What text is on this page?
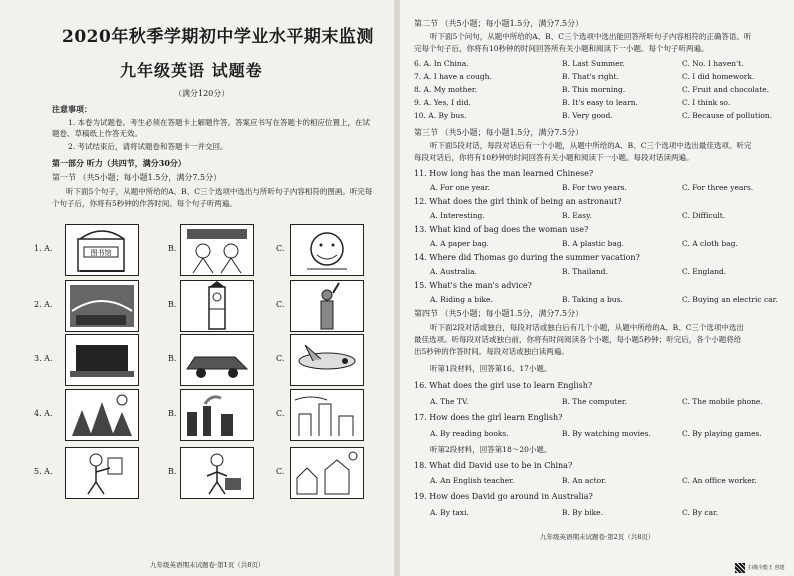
2020年秋季学期初中学业水平期末监测
九年级英语 试题卷
（满分120分）
注意事项：
1. 本卷为试题卷。考生必须在答题卡上解题作答。答案应书写在答题卡的相应位置上，在试
题卷、草稿纸上作答无效。
2. 考试结束后，请将试题卷和答题卡一并交回。
第一部分 听力（共四节，满分30分）
第一节 （共5小题；每小题1.5分，满分7.5分）
听下面5个句子，从题中所给的A、B、C三个选项中选出与所听句子内容相符的图画。听完每
个句子后，你将有5秒钟的作答时间。每个句子听两遍。
九年级英语期末试题卷·第1页（共8页）
1. A.	图书馆	B.	C.
2. A.	B.	C.
3. A.	B.	C.
4. A.	B.	C.
5. A.	B.	C.
第二节 （共5小题；每小题1.5分，满分7.5分）
听下面5个问句，从题中所给的A、B、C三个选项中选出能回答所听句子内容相符的正确答语。听
完每个句子后，你将有10秒钟的时间回答所有关小题和阅读下一小题。每个句子听两遍。
6. A. In China.	B. Last Summer.	C. No. I haven't.
7. A. I have a cough.	B. That's right.	C. I did homework.
8. A. My mother.	B. This morning.	C. Fruit and chocolate.
9. A. Yes, I did.	B. It's easy to learn.	C. I think so.
10. A. By bus.	B. Very good.	C. Because of pollution.
第三节 （共5小题；每小题1.5分，满分7.5分）
听下面5段对话，每段对话后有一个小题，从题中所给的A、B、C三个选项中选出最佳选项。听完
每段对话后，你将有10秒钟的时间回答有关小题和阅读下一小题。每段对话读两遍。
11. How long has the man learned Chinese?
A. For one year.	B. For two years.	C. For three years.
12. What does the girl think of being an astronaut?
A. Interesting.	B. Easy.	C. Difficult.
13. What kind of bag does the woman use?
A. A paper bag.	B. A plastic bag.	C. A cloth bag.
14. Where did Thomas go during the summer vacation?
A. Australia.	B. Thailand.	C. England.
15. What's the man's advice?
A. Riding a bike.	B. Taking a bus.	C. Buying an electric car.
第四节 （共5小题；每小题1.5分，满分7.5分）
听下面2段对话或独白，每段对话或独白后有几个小题，从题中所给的A、B、C三个选项中选出
最佳选项。听每段对话或独白前，你将有时间阅读各个小题，每小题5秒钟；听完后，各个小题将给
出5秒钟的作答时间。每段对话或独白读两遍。
听第1段材料，回答第16、17小题。
16. What does the girl use to learn English?
A. The TV.	B. The computer.	C. The mobile phone.
17. How does the girl learn English?
A. By reading books.	B. By watching movies.	C. By playing games.
听第2段材料，回答第18～20小题。
18. What did David use to be in China?
A. An English teacher.	B. An actor.	C. An office worker.
19. How does David go around in Australia?
A. By taxi.	B. By bike.	C. By car.
九年级英语期末试题卷·第2页（共8页）
扫描全能王 创建
